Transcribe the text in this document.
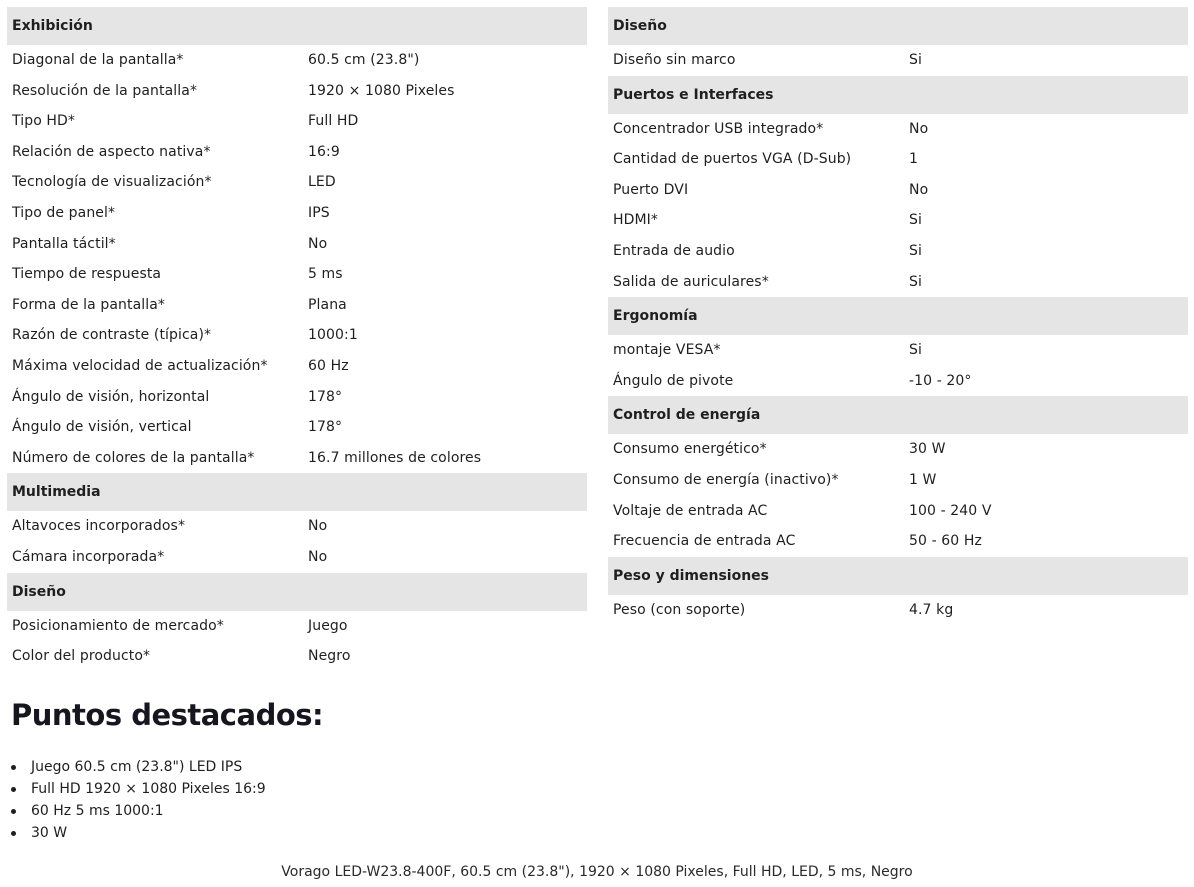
Exhibición
Diagonal de la pantalla*	60.5 cm (23.8")
Resolución de la pantalla*	1920 × 1080 Pixeles
Tipo HD*	Full HD
Relación de aspecto nativa*	16:9
Tecnología de visualización*	LED
Tipo de panel*	IPS
Pantalla táctil*	No
Tiempo de respuesta	5 ms
Forma de la pantalla*	Plana
Razón de contraste (típica)*	1000:1
Máxima velocidad de actualización*	60 Hz
Ángulo de visión, horizontal	178°
Ángulo de visión, vertical	178°
Número de colores de la pantalla*	16.7 millones de colores
Multimedia
Altavoces incorporados*	No
Cámara incorporada*	No
Diseño
Posicionamiento de mercado*	Juego
Color del producto*	Negro
Diseño
Diseño sin marco	Si
Puertos e Interfaces
Concentrador USB integrado*	No
Cantidad de puertos VGA (D-Sub)	1
Puerto DVI	No
HDMI*	Si
Entrada de audio	Si
Salida de auriculares*	Si
Ergonomía
montaje VESA*	Si
Ángulo de pivote	-10 - 20°
Control de energía
Consumo energético*	30 W
Consumo de energía (inactivo)*	1 W
Voltaje de entrada AC	100 - 240 V
Frecuencia de entrada AC	50 - 60 Hz
Peso y dimensiones
Peso (con soporte)	4.7 kg
Puntos destacados:
Juego 60.5 cm (23.8") LED IPS
Full HD 1920 × 1080 Pixeles 16:9
60 Hz 5 ms 1000:1
30 W
Vorago LED-W23.8-400F, 60.5 cm (23.8"), 1920 × 1080 Pixeles, Full HD, LED, 5 ms, Negro
